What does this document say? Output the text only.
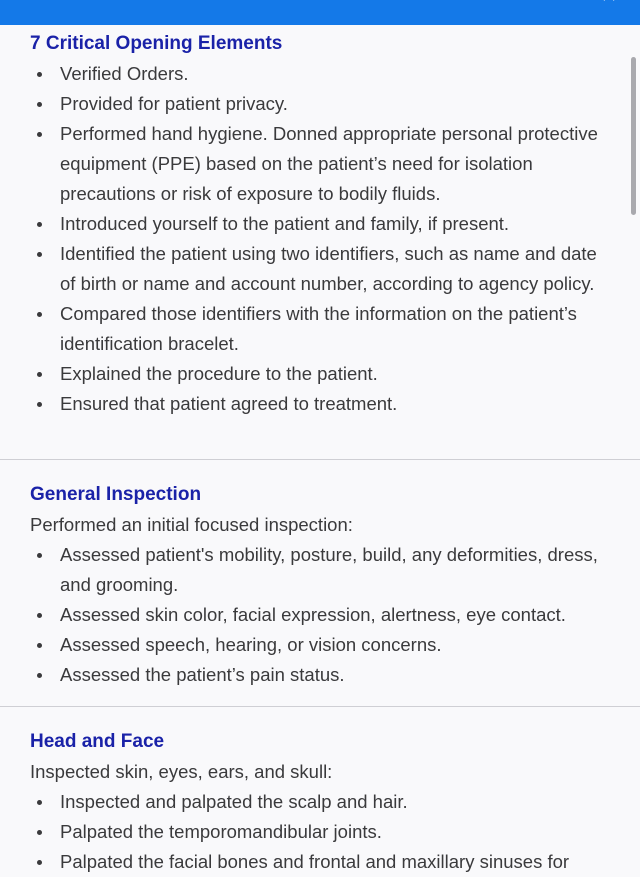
7 Critical Opening Elements
Verified Orders.
Provided for patient privacy.
Performed hand hygiene. Donned appropriate personal protective equipment (PPE) based on the patient’s need for isolation precautions or risk of exposure to bodily fluids.
Introduced yourself to the patient and family, if present.
Identified the patient using two identifiers, such as name and date of birth or name and account number, according to agency policy.
Compared those identifiers with the information on the patient’s identification bracelet.
Explained the procedure to the patient.
Ensured that patient agreed to treatment.
General Inspection

Performed an initial focused inspection:

Assessed patient's mobility, posture, build, any deformities, dress, and grooming.
Assessed skin color, facial expression, alertness, eye contact.
Assessed speech, hearing, or vision concerns.
Assessed the patient’s pain status.
Head and Face

Inspected skin, eyes, ears, and skull:

Inspected and palpated the scalp and hair.
Palpated the temporomandibular joints.
Palpated the facial bones and frontal and maxillary sinuses for
